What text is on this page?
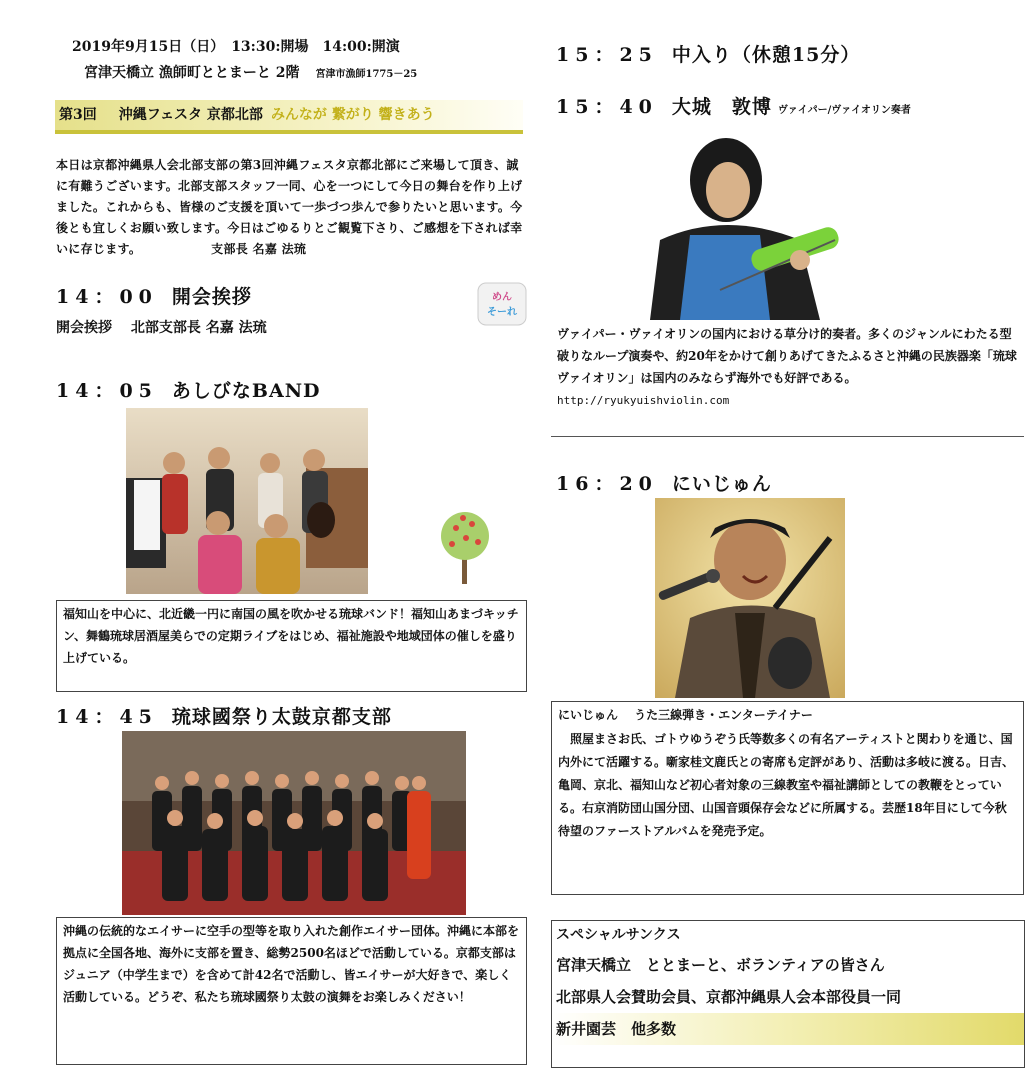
2019年9月15日（日）　13:30:開場　14:00:開演
宮津天橋立 漁師町ととまーと 2階 宮津市漁師1775－25
第3回 沖縄フェスタ 京都北部 みんなが 繋がり 響きあう
本日は京都沖縄県人会北部支部の第3回沖縄フェスタ京都北部にご来場して頂き、誠に有難うございます。北部支部スタッフ一同、心を一つにして今日の舞台を作り上げました。これからも、皆様のご支援を頂いて一歩づつ歩んで参りたいと思います。今後とも宜しくお願い致します。今日はごゆるりとご観覧下さり、ご感想を下されば幸いに存じます。	支部長 名嘉 法琉
14：00 開会挨拶
開会挨拶　 北部支部長 名嘉 法琉
めん
そーれ
14：05 あしびなBAND
福知山を中心に、北近畿一円に南国の風を吹かせる琉球バンド！福知山あまづキッチン、舞鶴琉球居酒屋美らでの定期ライブをはじめ、福祉施設や地域団体の催しを盛り上げている。
14：45 琉球國祭り太鼓京都支部
沖縄の伝統的なエイサーに空手の型等を取り入れた創作エイサー団体。沖縄に本部を拠点に全国各地、海外に支部を置き、総勢2500名ほどで活動している。京都支部はジュニア（中学生まで）を含めて計42名で活動し、皆エイサーが大好きで、楽しく活動している。どうぞ、私たち琉球國祭り太鼓の演舞をお楽しみください！
15：25 中入り（休憩15分）
15：40 大城　敦博 ヴァイパー/ヴァイオリン奏者
ヴァイパー・ヴァイオリンの国内における草分け的奏者。多くのジャンルにわたる型破りなループ演奏や、約20年をかけて創りあげてきたふるさと沖縄の民族器楽「琉球ヴァイオリン」は国内のみならず海外でも好評である。　http://ryukyuishviolin.com
16：20 にいじゅん
にいじゅん　 うた三線弾き・エンターテイナー
照屋まさお氏、ゴトウゆうぞう氏等数多くの有名アーティストと関わりを通じ、国内外にて活躍する。噺家桂文鹿氏との寄席も定評があり、活動は多岐に渡る。日吉、亀岡、京北、福知山など初心者対象の三線教室や福祉講師としての教鞭をとっている。右京消防団山国分団、山国音頭保存会などに所属する。芸歴18年目にして今秋待望のファーストアルバムを発売予定。
スペシャルサンクス
宮津天橋立　ととまーと、ボランティアの皆さん
北部県人会賛助会員、京都沖縄県人会本部役員一同
新井園芸　他多数
